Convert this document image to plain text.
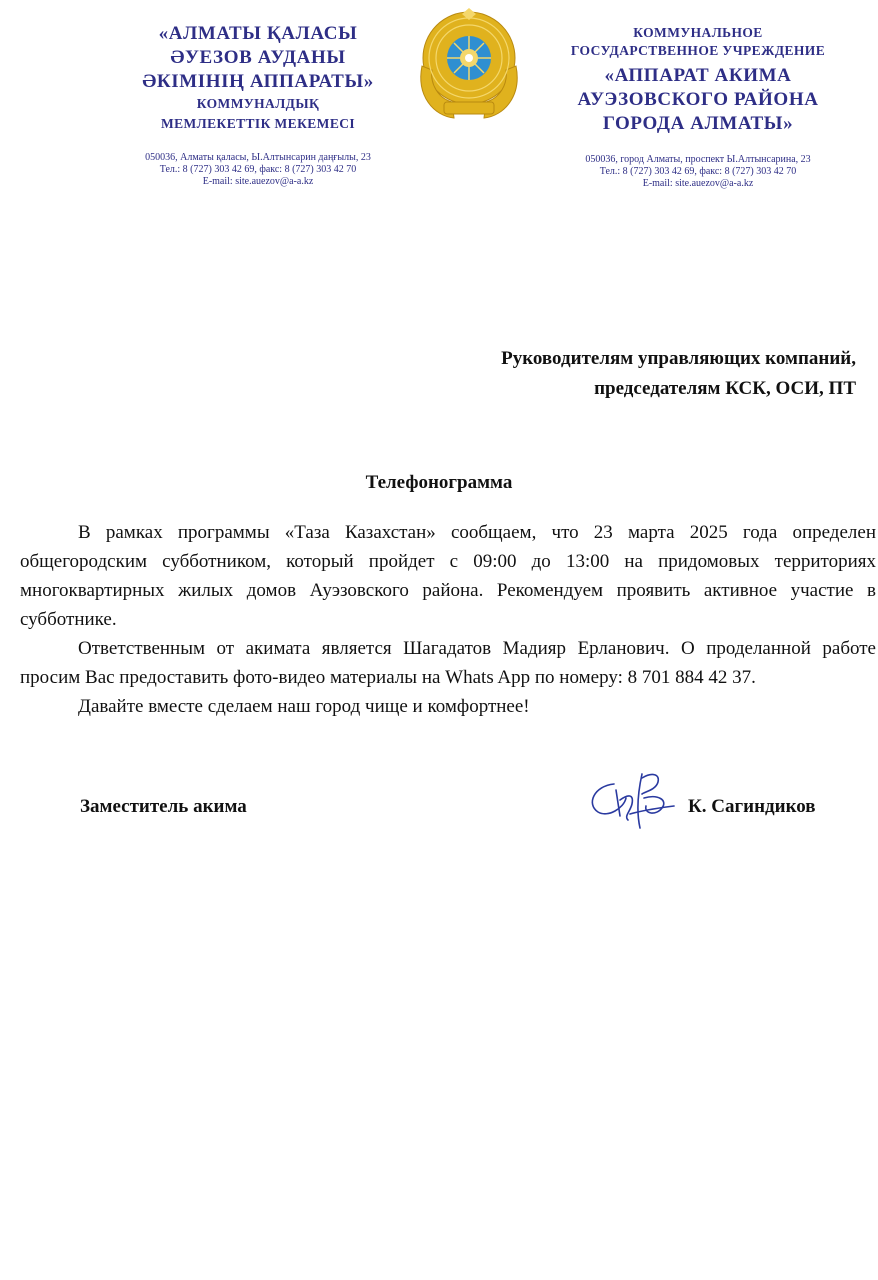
«АЛМАТЫ ҚАЛАСЫ
ӘУЕЗОВ АУДАНЫ
ӘКІМІНІҢ АППАРАТЫ»
КОММУНАЛДЫҚ
МЕМЛЕКЕТТІК МЕКЕМЕСІ
050036, Алматы қаласы, Ы.Алтынсарин даңғылы, 23
Тел.: 8 (727) 303 42 69, факс: 8 (727) 303 42 70
E-mail: site.auezov@a-a.kz
КОММУНАЛЬНОЕ
ГОСУДАРСТВЕННОЕ УЧРЕЖДЕНИЕ
«АППАРАТ АКИМА
АУЭЗОВСКОГО РАЙОНА
ГОРОДА АЛМАТЫ»
050036, город Алматы, проспект Ы.Алтынсарина, 23
Тел.: 8 (727) 303 42 69, факс: 8 (727) 303 42 70
E-mail: site.auezov@a-a.kz
Руководителям управляющих компаний,
председателям КСК, ОСИ, ПТ
Телефонограмма

В рамках программы «Таза Казахстан» сообщаем, что 23 марта 2025 года определен общегородским субботником, который пройдет с 09:00 до 13:00 на придомовых территориях многоквартирных жилых домов Ауэзовского района. Рекомендуем проявить активное участие в субботнике.

Ответственным от акимата является Шагадатов Мадияр Ерланович. О проделанной работе просим Вас предоставить фото-видео материалы на Whats App по номеру: 8 701 884 42 37.

Давайте вместе сделаем наш город чище и комфортнее!

Заместитель акима	К. Сагиндиков
